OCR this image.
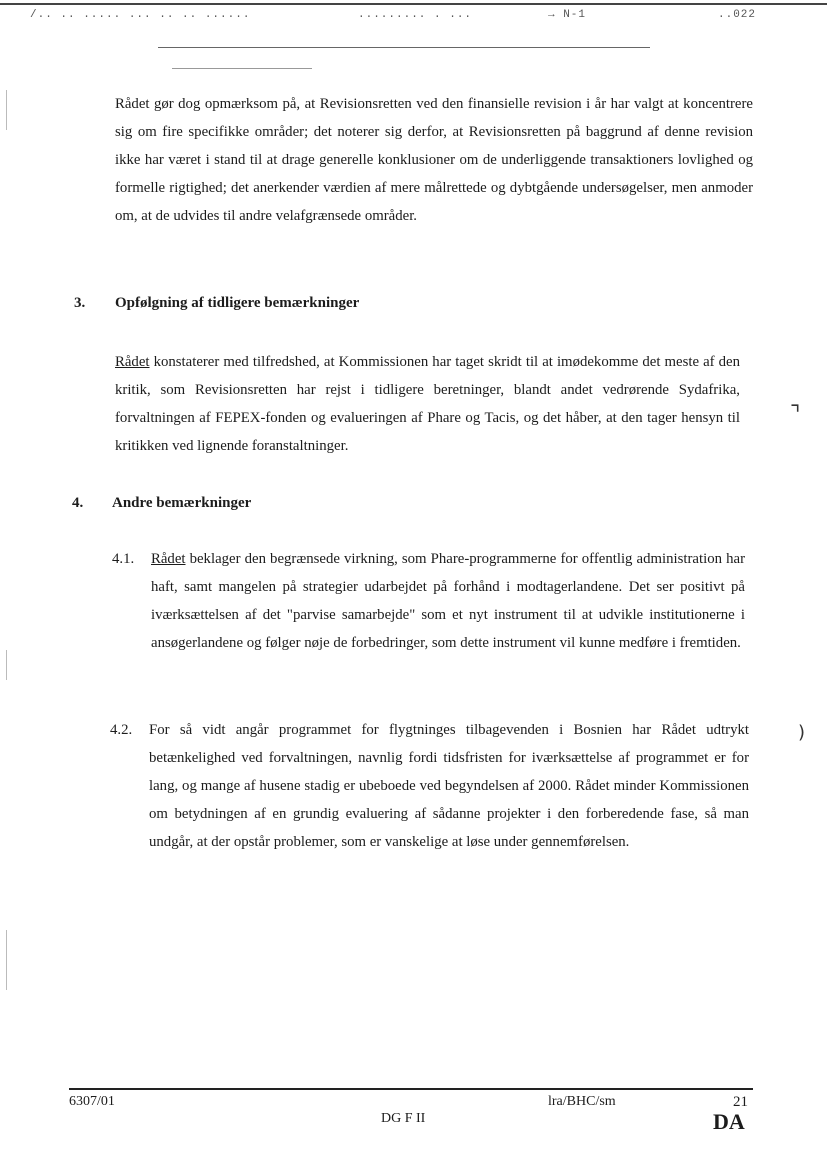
/.. .. ..... ... .. .. ......	......... . ...	→ N-1	..022

Rådet gør dog opmærksom på, at Revisionsretten ved den finansielle revision i år har valgt at koncentrere sig om fire specifikke områder; det noterer sig derfor, at Revisionsretten på baggrund af denne revision ikke har været i stand til at drage generelle konklusioner om de underliggende transaktioners lovlighed og formelle rigtighed; det anerkender værdien af mere målrettede og dybtgående undersøgelser, men anmoder om, at de udvides til andre velafgrænsede områder.

3. Opfølgning af tidligere bemærkninger

Rådet konstaterer med tilfredshed, at Kommissionen har taget skridt til at imødekomme det meste af den kritik, som Revisionsretten har rejst i tidligere beretninger, blandt andet vedrørende Sydafrika, forvaltningen af FEPEX-fonden og evalueringen af Phare og Tacis, og det håber, at den tager hensyn til kritikken ved lignende foranstaltninger.

4. Andre bemærkninger
4.1. Rådet beklager den begrænsede virkning, som Phare-programmerne for offentlig administration har haft, samt mangelen på strategier udarbejdet på forhånd i modtagerlandene. Det ser positivt på iværksættelsen af det "parvise samarbejde" som et nyt instrument til at udvikle institutionerne i ansøgerlandene og følger nøje de forbedringer, som dette instrument vil kunne medføre i fremtiden.

4.2. For så vidt angår programmet for flygtninges tilbagevenden i Bosnien har Rådet udtrykt betænkelighed ved forvaltningen, navnlig fordi tidsfristen for iværksættelse af programmet er for lang, og mange af husene stadig er ubeboede ved begyndelsen af 2000. Rådet minder Kommissionen om betydningen af en grundig evaluering af sådanne projekter i den forberedende fase, så man undgår, at der opstår problemer, som er vanskelige at løse under gennemførelsen.

⌝
)
6307/01	lra/BHC/sm	21
DG F II	DA
